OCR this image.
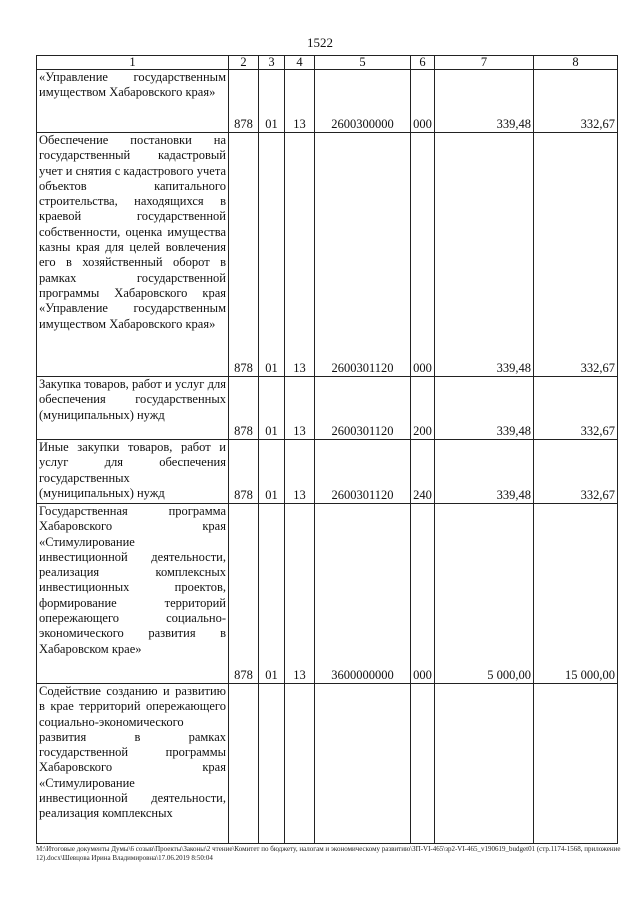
1522
1	2	3	4	5	6	7	8
«Управление государственным имуществом Хабаровского края»	878	01	13	2600300000	000	339,48	332,67
Обеспечение постановки на государственный кадастровый учет и снятия с кадастрового учета объектов капитального строительства, находящихся в краевой государственной собственности, оценка имущества казны края для целей вовлечения его в хозяйственный оборот в рамках государственной программы Хабаровского края «Управление государственным имуществом Хабаровского края»	878	01	13	2600301120	000	339,48	332,67
Закупка товаров, работ и услуг для обеспечения государственных (муниципальных) нужд	878	01	13	2600301120	200	339,48	332,67
Иные закупки товаров, работ и услуг для обеспечения государственных (муниципальных) нужд	878	01	13	2600301120	240	339,48	332,67
Государственная программа Хабаровского края «Стимулирование инвестиционной деятельности, реализация комплексных инвестиционных проектов, формирование территорий опережающего социально-экономического развития в Хабаровском крае»	878	01	13	3600000000	000	5 000,00	15 000,00
Содействие созданию и развитию в крае территорий опережающего социально-экономического развития в рамках государственной программы Хабаровского края «Стимулирование инвестиционной деятельности, реализация комплексных							
М:\Итоговые документы Думы\6 созыв\Проекты\Законы\2 чтение\Комитет по бюджету, налогам и экономическому развитию\ЗП-VI-465\зр2-VI-465_v190619_budget01 (стр.1174-1568, приложение 12).docx\Шевцова Ирина Владимировна\17.06.2019 8:50:04
